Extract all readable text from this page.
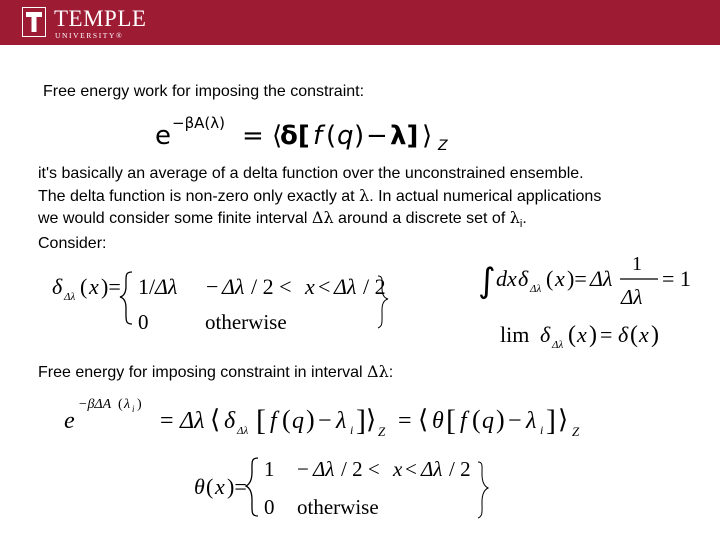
TEMPLE
UNIVERSITY®
Free energy work for imposing the constraint:
e −βA(λ) = ⟨
δ[ f ( q ) − λ] ⟩ Z
it's basically an average of a delta function over the unconstrained ensemble.
The delta function is non-zero only exactly at λ. In actual numerical applications
we would consider some finite interval Δλ around a discrete set of $\lambda_i$.
Consider:
δ Δλ ( x )= 1/ Δλ − Δλ / 2 < x < Δλ / 2
0	otherwise
∫ dx δ Δλ ( x )= Δλ
1
Δλ
= 1
lim δ Δλ ( x ) = δ ( x )
Free energy for imposing constraint in interval Δλ:
e
−βΔA ( λ i )
= Δλ ⟨ δ Δλ [ f ( q ) − λ i ] ⟩ Z = ⟨ θ [ f ( q ) − λ i ] ⟩ Z
θ ( x )=
1 − Δλ / 2 < x < Δλ / 2
0 otherwise
